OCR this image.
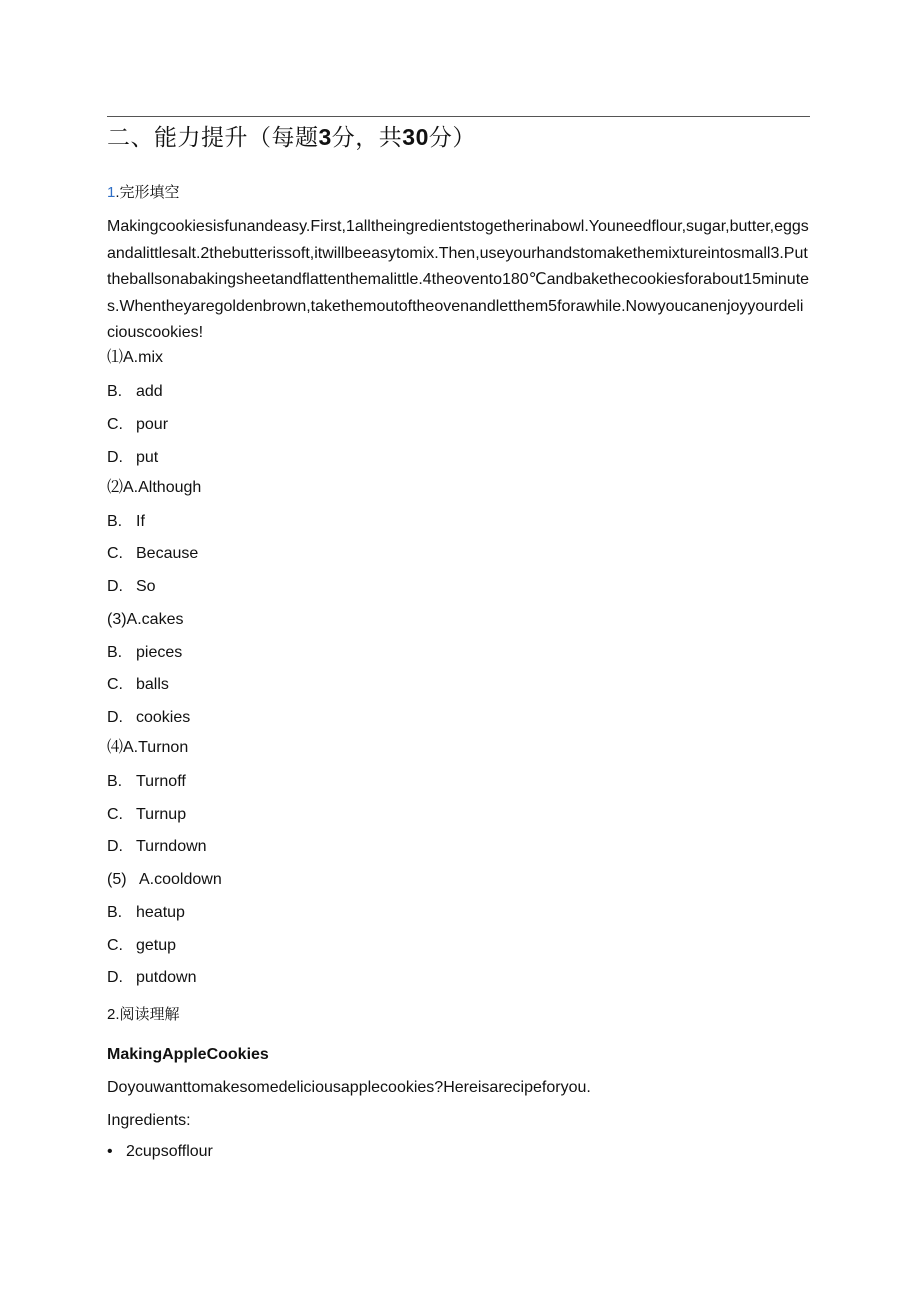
二、能力提升（每题3分，共30分）
1.完形填空
Makingcookiesisfunandeasy.First,1alltheingredientstogetherinabowl.Youneedflour,sugar,butter,eggsandalittlesalt.2thebutterissoft,itwillbeeasytomix.Then,useyourhandstomakethemixtureintosmall3.Puttheballsonabakingsheetandflattenthemalittle.4theovento180℃andbakethecookiesforabout15minutes.Whentheyaregoldenbrown,takethemoutoftheovenandletthem5forawhile.Nowyoucanenjoyyourdeliciouscookies!
⑴A.mix
B. add
C. pour
D. put
⑵A.Although
B. If
C. Because
D. So
(3)A.cakes
B. pieces
C. balls
D. cookies
⑷A.Turnon
B. Turnoff
C. Turnup
D. Turndown
(5)   A.cooldown
B. heatup
C. getup
D. putdown
2.阅读理解
MakingAppleCookies
Doyouwanttomakesomedeliciousapplecookies?Hereisarecipeforyou.
Ingredients:
• 2cupsofflour
